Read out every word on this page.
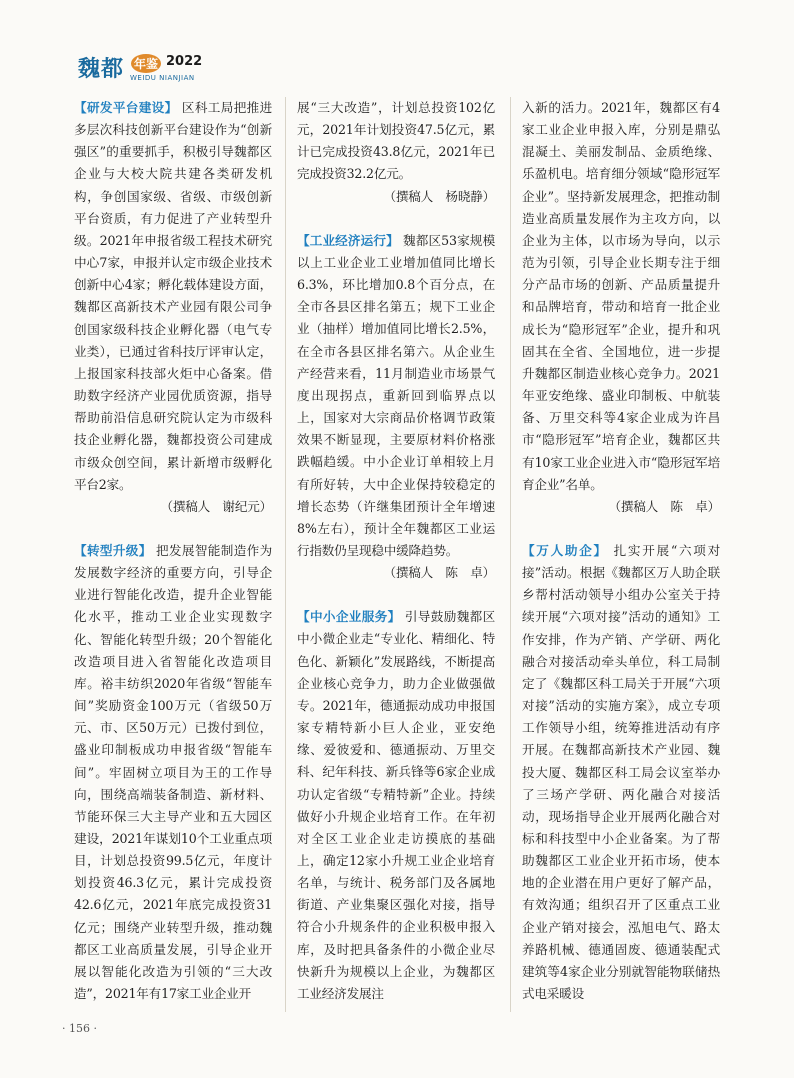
魏都 年鉴 2022
WEIDU NIANJIAN

【研发平台建设】 区科工局把推进多层次科技创新平台建设作为“创新强区”的重要抓手，积极引导魏都区企业与大校大院共建各类研发机构，争创国家级、省级、市级创新平台资质，有力促进了产业转型升级。2021年申报省级工程技术研究中心7家，申报并认定市级企业技术创新中心4家；孵化载体建设方面，魏都区高新技术产业园有限公司争创国家级科技企业孵化器（电气专业类），已通过省科技厅评审认定，上报国家科技部火炬中心备案。借助数字经济产业园优质资源，指导帮助前沿信息研究院认定为市级科技企业孵化器，魏都投资公司建成市级众创空间，累计新增市级孵化平台2家。

（撰稿人　谢纪元）

【转型升级】 把发展智能制造作为发展数字经济的重要方向，引导企业进行智能化改造，提升企业智能化水平，推动工业企业实现数字化、智能化转型升级；20个智能化改造项目进入省智能化改造项目库。裕丰纺织2020年省级“智能车间”奖励资金100万元（省级50万元、市、区50万元）已拨付到位，盛业印制板成功申报省级“智能车间”。牢固树立项目为王的工作导向，围绕高端装备制造、新材料、节能环保三大主导产业和五大园区建设，2021年谋划10个工业重点项目，计划总投资99.5亿元，年度计划投资46.3亿元，累计完成投资42.6亿元，2021年底完成投资31亿元；围绕产业转型升级，推动魏都区工业高质量发展，引导企业开展以智能化改造为引领的“三大改造”，2021年有17家工业企业开

展“三大改造”，计划总投资102亿元，2021年计划投资47.5亿元，累计已完成投资43.8亿元，2021年已完成投资32.2亿元。

（撰稿人　杨晓静）

【工业经济运行】 魏都区53家规模以上工业企业工业增加值同比增长6.3%，环比增加0.8个百分点，在全市各县区排名第五；规下工业企业（抽样）增加值同比增长2.5%，在全市各县区排名第六。从企业生产经营来看，11月制造业市场景气度出现拐点，重新回到临界点以上，国家对大宗商品价格调节政策效果不断显现，主要原材料价格涨跌幅趋缓。中小企业订单相较上月有所好转，大中企业保持较稳定的增长态势（许继集团预计全年增速8%左右），预计全年魏都区工业运行指数仍呈现稳中缓降趋势。

（撰稿人　陈　卓）

【中小企业服务】 引导鼓励魏都区中小微企业走“专业化、精细化、特色化、新颖化”发展路线，不断提高企业核心竞争力，助力企业做强做专。2021年，德通振动成功申报国家专精特新小巨人企业，亚安绝缘、爱彼爱和、德通振动、万里交科、纪年科技、新兵锋等6家企业成功认定省级“专精特新”企业。持续做好小升规企业培育工作。在年初对全区工业企业走访摸底的基础上，确定12家小升规工业企业培育名单，与统计、税务部门及各属地街道、产业集聚区强化对接，指导符合小升规条件的企业积极申报入库，及时把具备条件的小微企业尽快新升为规模以上企业，为魏都区工业经济发展注

入新的活力。2021年，魏都区有4家工业企业申报入库，分别是鼎弘混凝土、美丽发制品、金质绝缘、乐盈机电。培育细分领域“隐形冠军企业”。坚持新发展理念，把推动制造业高质量发展作为主攻方向，以企业为主体，以市场为导向，以示范为引领，引导企业长期专注于细分产品市场的创新、产品质量提升和品牌培育，带动和培育一批企业成长为“隐形冠军”企业，提升和巩固其在全省、全国地位，进一步提升魏都区制造业核心竞争力。2021年亚安绝缘、盛业印制板、中航装备、万里交科等4家企业成为许昌市“隐形冠军”培育企业，魏都区共有10家工业企业进入市“隐形冠军培育企业”名单。

（撰稿人　陈　卓）

【万人助企】 扎实开展“六项对接”活动。根据《魏都区万人助企联乡帮村活动领导小组办公室关于持续开展“六项对接”活动的通知》工作安排，作为产销、产学研、两化融合对接活动牵头单位，科工局制定了《魏都区科工局关于开展“六项对接”活动的实施方案》，成立专项工作领导小组，统筹推进活动有序开展。在魏都高新技术产业园、魏投大厦、魏都区科工局会议室举办了三场产学研、两化融合对接活动，现场指导企业开展两化融合对标和科技型中小企业备案。为了帮助魏都区工业企业开拓市场，使本地的企业潜在用户更好了解产品，有效沟通；组织召开了区重点工业企业产销对接会，泓旭电气、路太养路机械、德通固废、德通装配式建筑等4家企业分别就智能物联储热式电采暖设

· 156 ·
